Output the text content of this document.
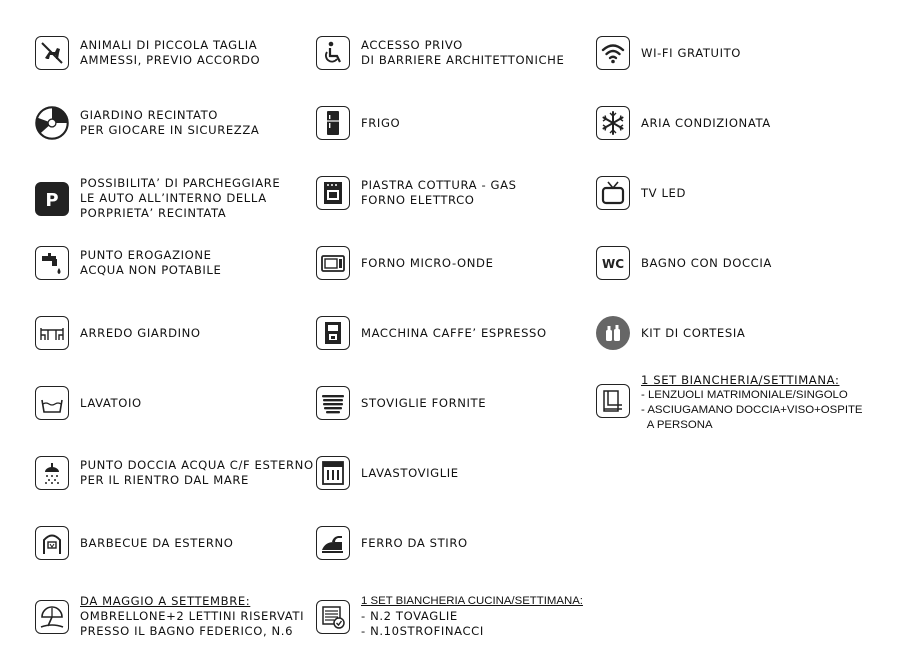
ANIMALI DI PICCOLA TAGLIA
AMMESSI, PREVIO ACCORDO
GIARDINO RECINTATO
PER GIOCARE IN SICUREZZA
P
POSSIBILITA’ DI PARCHEGGIARE
LE AUTO ALL’INTERNO DELLA
PORPRIETA’ RECINTATA
PUNTO EROGAZIONE
ACQUA NON POTABILE
ARREDO GIARDINO
LAVATOIO
PUNTO DOCCIA ACQUA C/F ESTERNO
PER IL RIENTRO DAL MARE
BARBECUE DA ESTERNO
DA MAGGIO A SETTEMBRE:
OMBRELLONE+2 LETTINI RISERVATI
PRESSO IL BAGNO FEDERICO, N.6
ACCESSO PRIVO
DI BARRIERE ARCHITETTONICHE
FRIGO
PIASTRA COTTURA - GAS
FORNO ELETTRCO
FORNO MICRO-ONDE
MACCHINA CAFFE’ ESPRESSO
STOVIGLIE FORNITE
LAVASTOVIGLIE
FERRO DA STIRO
1 SET BIANCHERIA CUCINA/SETTIMANA:
- N.2 TOVAGLIE
- N.10STROFINACCI
WI-FI GRATUITO
ARIA CONDIZIONATA
TV LED
WC BAGNO CON DOCCIA
KIT DI CORTESIA
1 SET BIANCHERIA/SETTIMANA:
- LENZUOLI MATRIMONIALE/SINGOLO
- ASCIUGAMANO DOCCIA+VISO+OSPITE
A PERSONA
